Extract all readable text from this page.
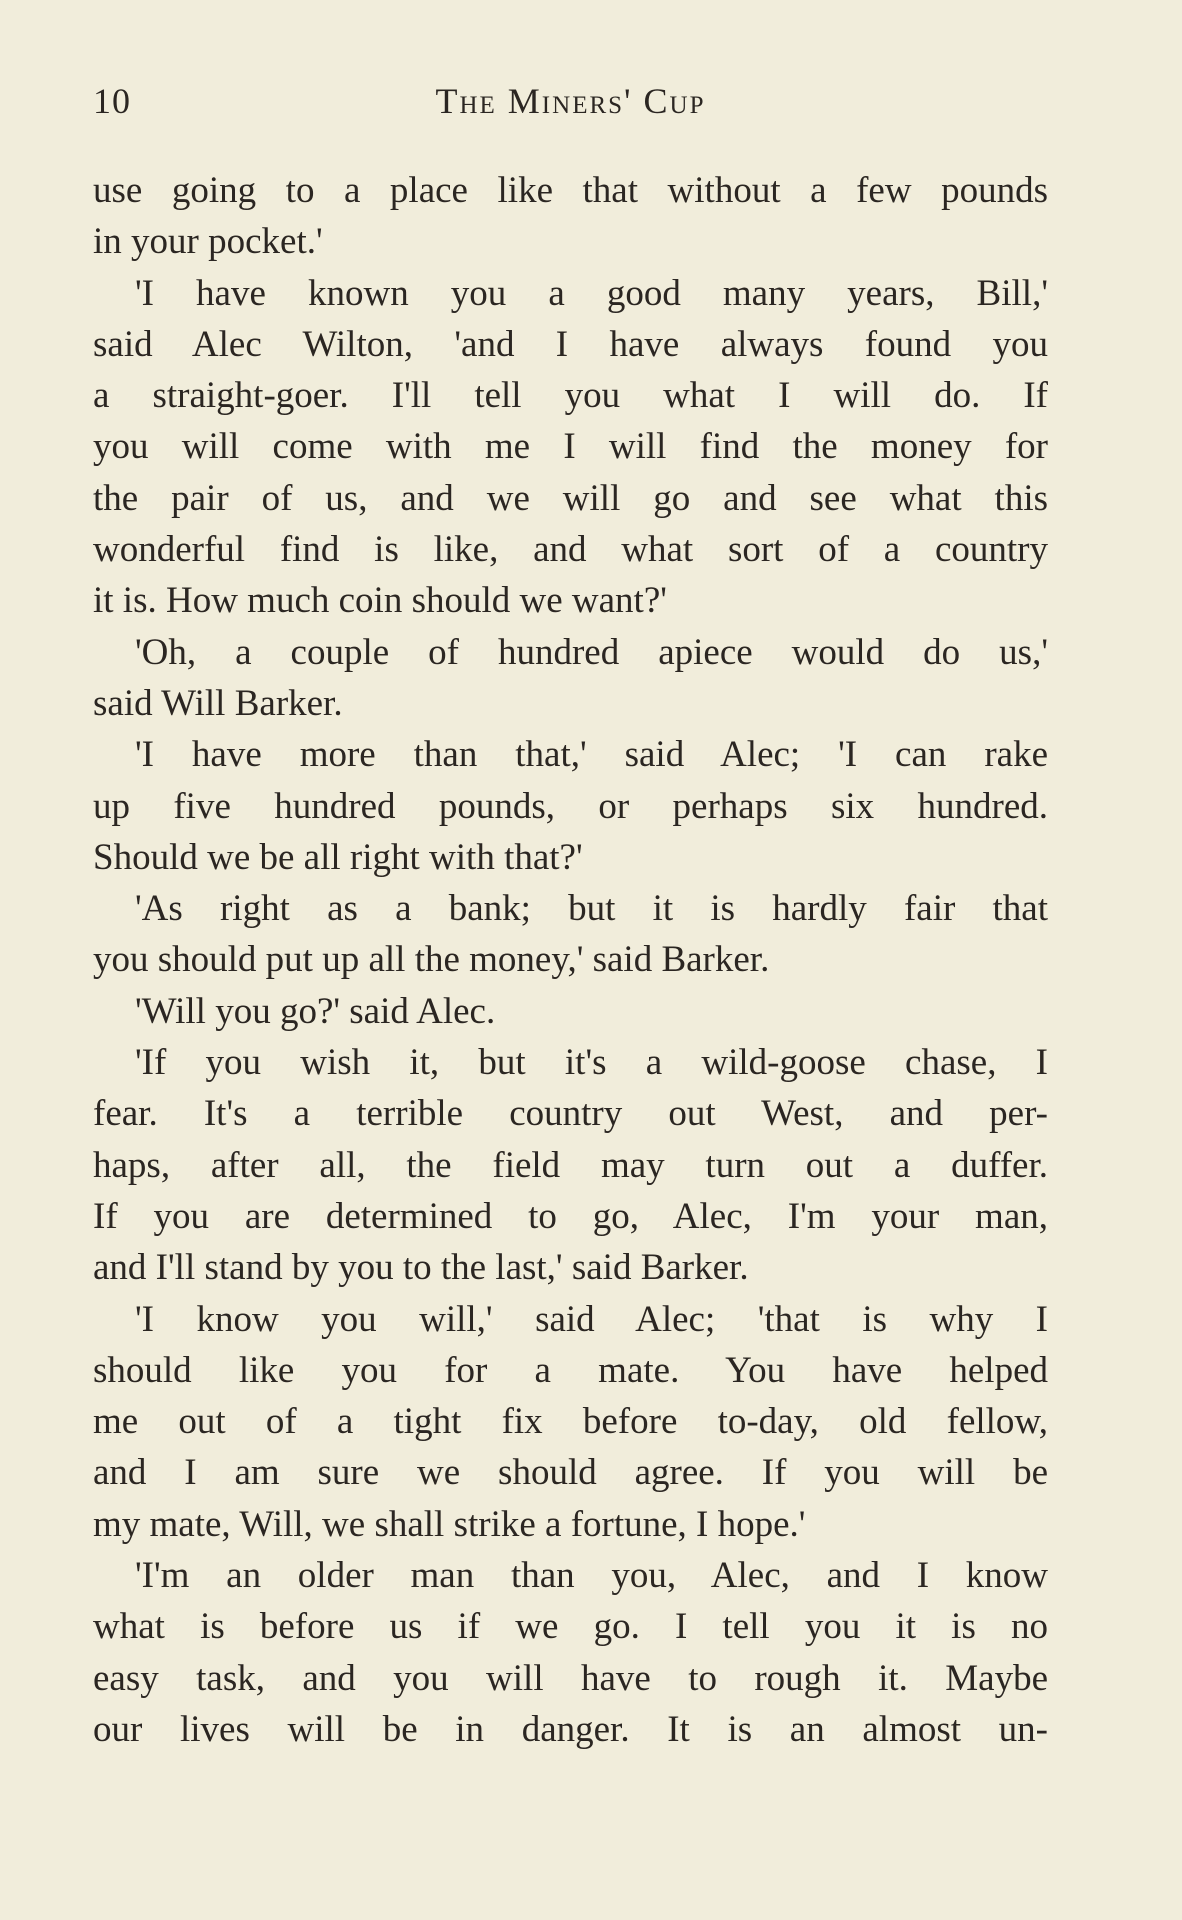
10	The Miners' Cup
use going to a place like that without a few pounds
in your pocket.'
'I have known you a good many years, Bill,'
said Alec Wilton, 'and I have always found you
a straight-goer. I'll tell you what I will do. If
you will come with me I will find the money for
the pair of us, and we will go and see what this
wonderful find is like, and what sort of a country
it is. How much coin should we want?'
'Oh, a couple of hundred apiece would do us,'
said Will Barker.
'I have more than that,' said Alec; 'I can rake
up five hundred pounds, or perhaps six hundred.
Should we be all right with that?'
'As right as a bank; but it is hardly fair that
you should put up all the money,' said Barker.
'Will you go?' said Alec.
'If you wish it, but it's a wild-goose chase, I
fear. It's a terrible country out West, and per-
haps, after all, the field may turn out a duffer.
If you are determined to go, Alec, I'm your man,
and I'll stand by you to the last,' said Barker.
'I know you will,' said Alec; 'that is why I
should like you for a mate. You have helped
me out of a tight fix before to-day, old fellow,
and I am sure we should agree. If you will be
my mate, Will, we shall strike a fortune, I hope.'
'I'm an older man than you, Alec, and I know
what is before us if we go. I tell you it is no
easy task, and you will have to rough it. Maybe
our lives will be in danger. It is an almost un-
